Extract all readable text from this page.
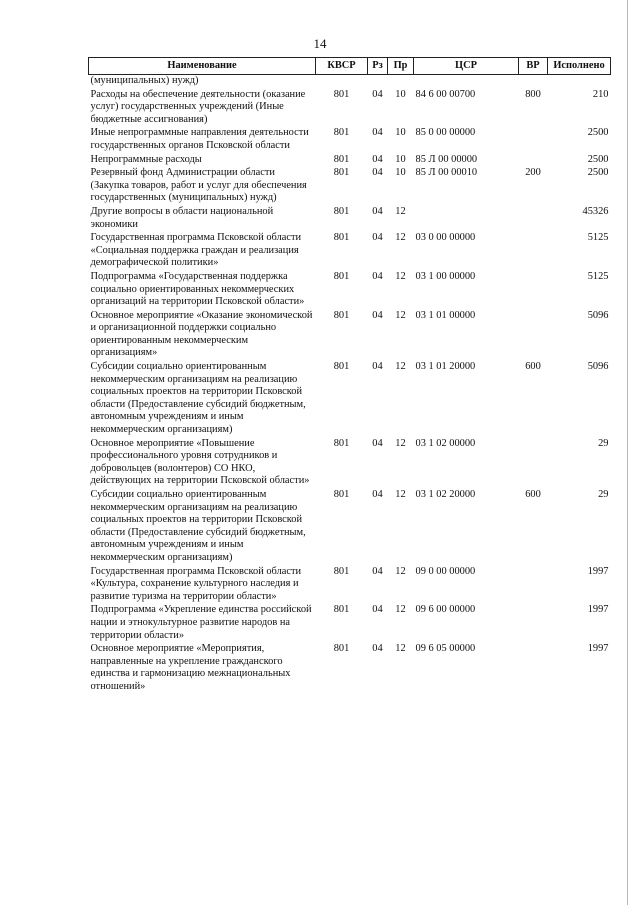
14
Наименование	КВСР	Рз	Пр	ЦСР	ВР	Исполнено
(муниципальных) нужд)						
Расходы на обеспечение деятельности (оказание услуг) государственных учреждений (Иные бюджетные ассигнования)	801	04	10	84 6 00 00700	800	210
Иные непрограммные направления деятельности государственных органов Псковской области	801	04	10	85 0 00 00000		2500
Непрограммные расходы	801	04	10	85 Л 00 00000		2500
Резервный фонд Администрации области (Закупка товаров, работ и услуг для обеспечения государственных (муниципальных) нужд)	801	04	10	85 Л 00 00010	200	2500
Другие вопросы в области национальной экономики	801	04	12			45326
Государственная программа Псковской области «Социальная поддержка граждан и реализация демографической политики»	801	04	12	03 0 00 00000		5125
Подпрограмма «Государственная поддержка социально ориентированных некоммерческих организаций на территории Псковской области»	801	04	12	03 1 00 00000		5125
Основное мероприятие «Оказание экономической и организационной поддержки социально ориентированным некоммерческим организациям»	801	04	12	03 1 01 00000		5096
Субсидии социально ориентированным некоммерческим организациям на реализацию социальных проектов на территории Псковской области (Предоставление субсидий бюджетным, автономным учреждениям и иным некоммерческим организациям)	801	04	12	03 1 01 20000	600	5096
Основное мероприятие «Повышение профессионального уровня сотрудников и добровольцев (волонтеров) СО НКО, действующих на территории Псковской области»	801	04	12	03 1 02 00000		29
Субсидии социально ориентированным некоммерческим организациям на реализацию социальных проектов на территории Псковской области (Предоставление субсидий бюджетным, автономным учреждениям и иным некоммерческим организациям)	801	04	12	03 1 02 20000	600	29
Государственная программа Псковской области «Культура, сохранение культурного наследия и развитие туризма на территории области»	801	04	12	09 0 00 00000		1997
Подпрограмма «Укрепление единства российской нации и этнокультурное развитие народов на территории области»	801	04	12	09 6 00 00000		1997
Основное мероприятие «Мероприятия, направленные на укрепление гражданского единства и гармонизацию межнациональных отношений»	801	04	12	09 6 05 00000		1997
